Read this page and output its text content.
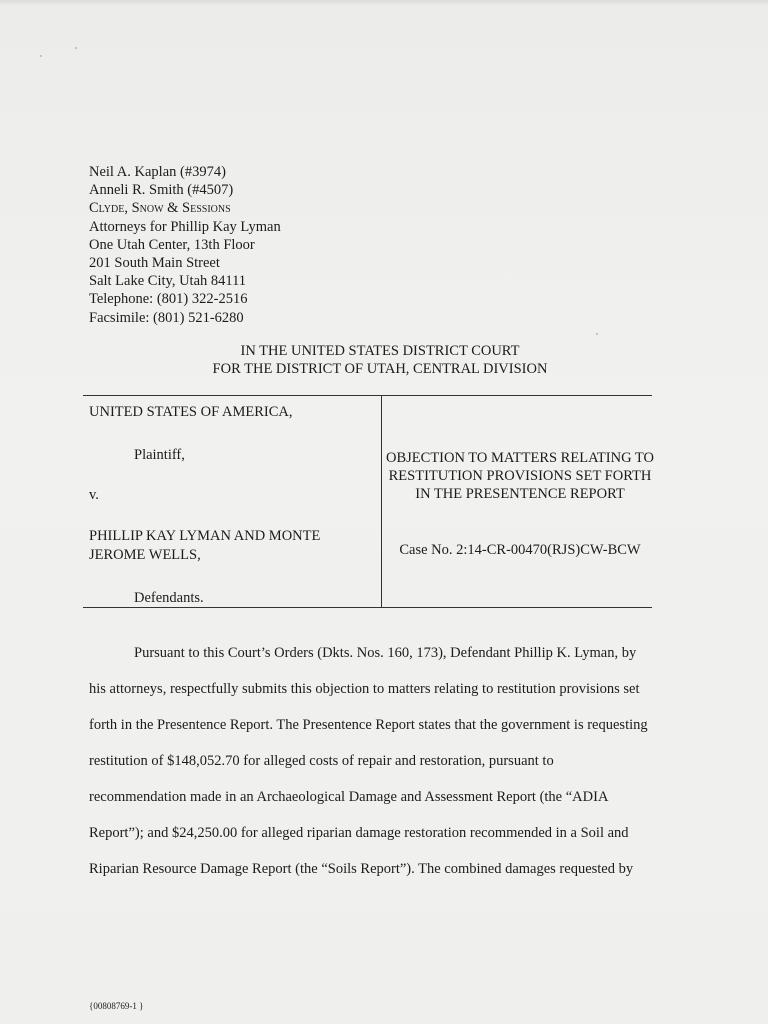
Neil A. Kaplan (#3974)
Anneli R. Smith (#4507)
Clyde, Snow & Sessions
Attorneys for Phillip Kay Lyman
One Utah Center, 13th Floor
201 South Main Street
Salt Lake City, Utah 84111
Telephone: (801) 322-2516
Facsimile: (801) 521-6280
IN THE UNITED STATES DISTRICT COURT
FOR THE DISTRICT OF UTAH, CENTRAL DIVISION
UNITED STATES OF AMERICA,
Plaintiff,
v.
PHILLIP KAY LYMAN AND MONTE
JEROME WELLS,
Defendants.
OBJECTION TO MATTERS RELATING TO
RESTITUTION PROVISIONS SET FORTH
IN THE PRESENTENCE REPORT
Case No. 2:14-CR-00470(RJS)CW-BCW
Pursuant to this Court’s Orders (Dkts. Nos. 160, 173), Defendant Phillip K. Lyman, by
his attorneys, respectfully submits this objection to matters relating to restitution provisions set
forth in the Presentence Report. The Presentence Report states that the government is requesting
restitution of $148,052.70 for alleged costs of repair and restoration, pursuant to
recommendation made in an Archaeological Damage and Assessment Report (the “ADIA
Report”); and $24,250.00 for alleged riparian damage restoration recommended in a Soil and
Riparian Resource Damage Report (the “Soils Report”). The combined damages requested by
{00808769-1 }
